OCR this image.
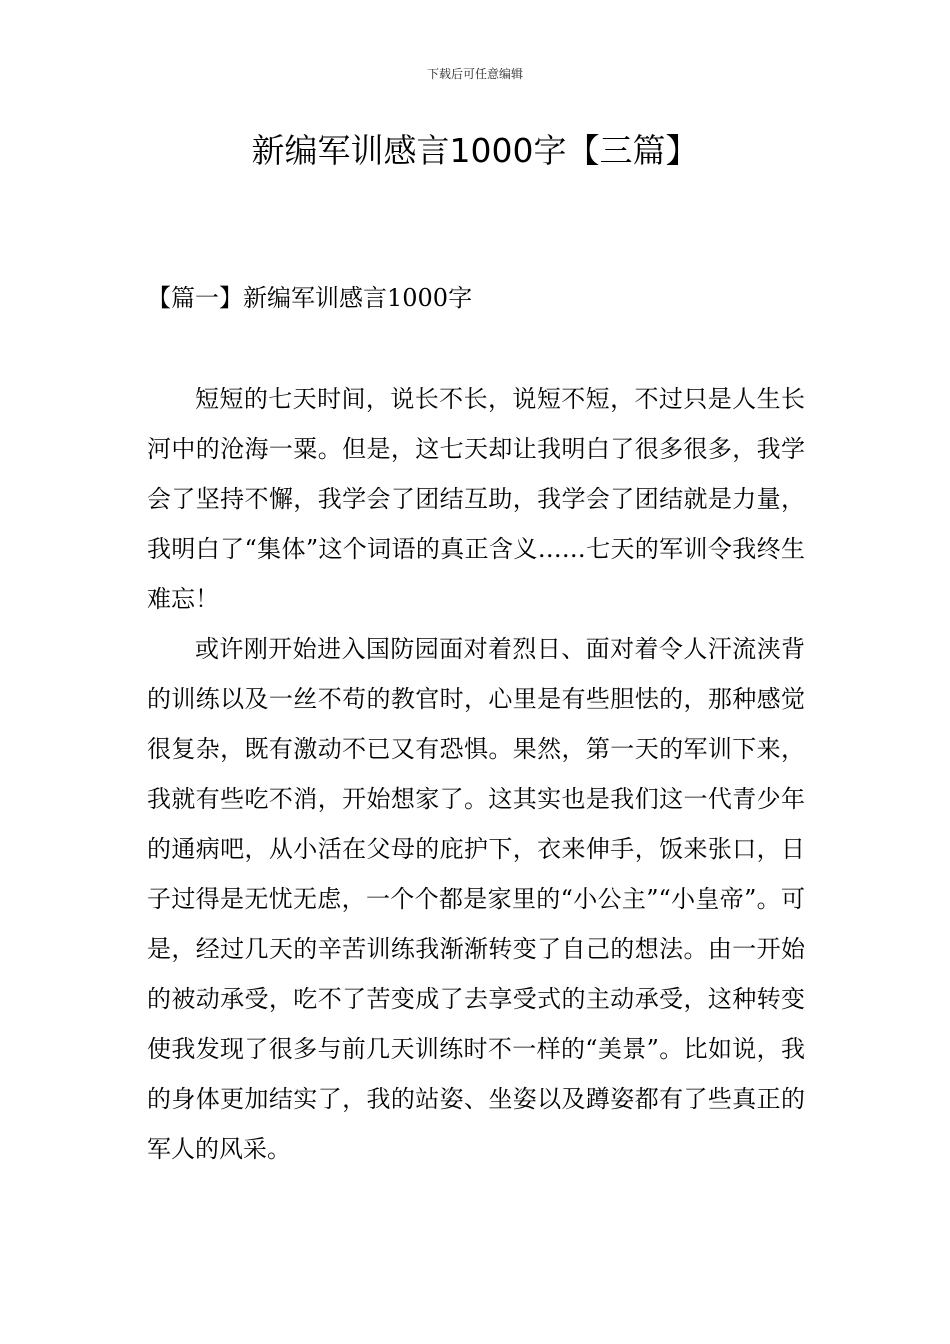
下载后可任意编辑
新编军训感言1000字【三篇】
【篇一】新编军训感言1000字

短短的七天时间，说长不长，说短不短，不过只是人生长河中的沧海一粟。但是，这七天却让我明白了很多很多，我学会了坚持不懈，我学会了团结互助，我学会了团结就是力量，我明白了“集体”这个词语的真正含义……七天的军训令我终生难忘！

或许刚开始进入国防园面对着烈日、面对着令人汗流浃背的训练以及一丝不苟的教官时，心里是有些胆怯的，那种感觉很复杂，既有激动不已又有恐惧。果然，第一天的军训下来，我就有些吃不消，开始想家了。这其实也是我们这一代青少年的通病吧，从小活在父母的庇护下，衣来伸手，饭来张口，日子过得是无忧无虑，一个个都是家里的“小公主”“小皇帝”。可是，经过几天的辛苦训练我渐渐转变了自己的想法。由一开始的被动承受，吃不了苦变成了去享受式的主动承受，这种转变使我发现了很多与前几天训练时不一样的“美景”。比如说，我的身体更加结实了，我的站姿、坐姿以及蹲姿都有了些真正的军人的风采。
